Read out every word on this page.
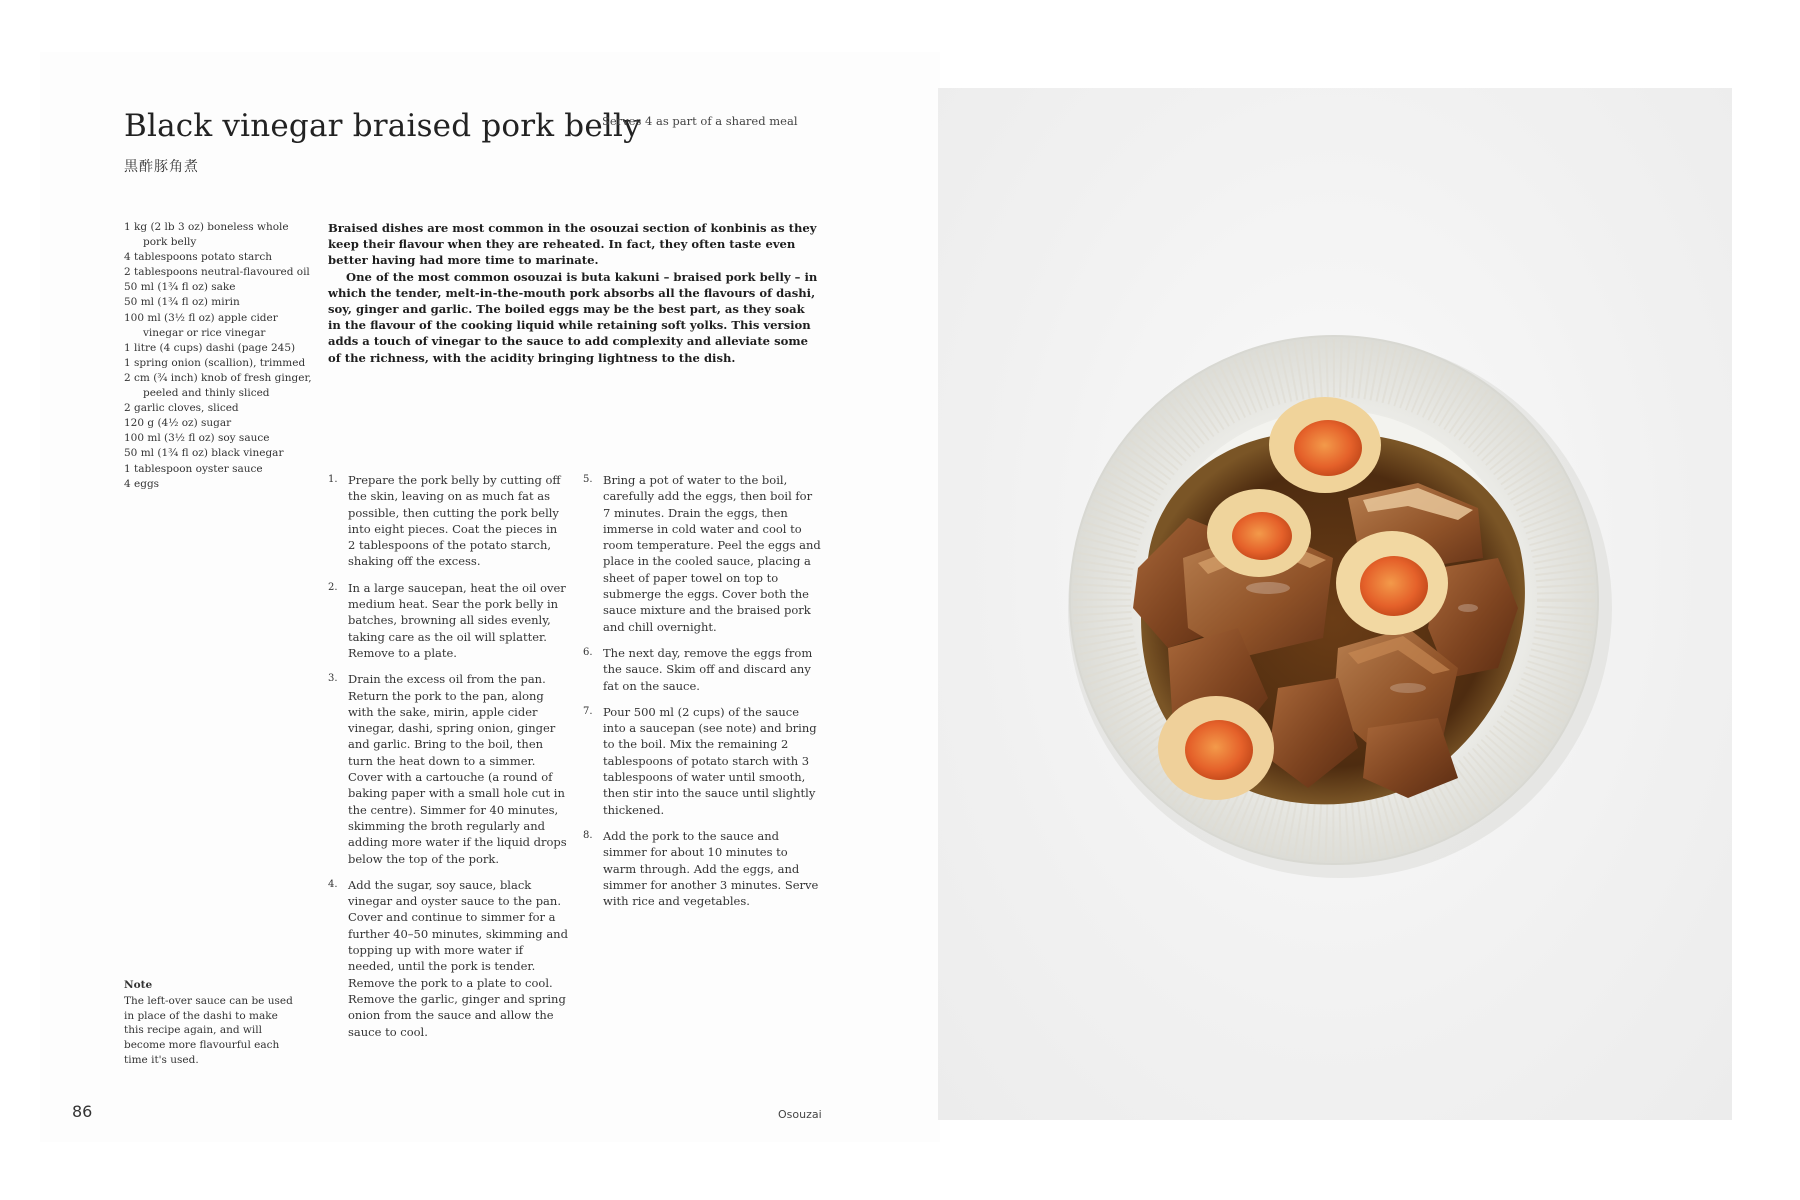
Black vinegar braised pork belly
Serves 4 as part of a shared meal
黒酢豚角煮
1 kg (2 lb 3 oz) boneless whole pork belly
4 tablespoons potato starch
2 tablespoons neutral-flavoured oil
50 ml (1¾ fl oz) sake
50 ml (1¾ fl oz) mirin
100 ml (3½ fl oz) apple cider vinegar or rice vinegar
1 litre (4 cups) dashi (page 245)
1 spring onion (scallion), trimmed
2 cm (¾ inch) knob of fresh ginger, peeled and thinly sliced
2 garlic cloves, sliced
120 g (4½ oz) sugar
100 ml (3½ fl oz) soy sauce
50 ml (1¾ fl oz) black vinegar
1 tablespoon oyster sauce
4 eggs

Braised dishes are most common in the osouzai section of konbinis as they keep their flavour when they are reheated. In fact, they often taste even better having had more time to marinate.

One of the most common osouzai is buta kakuni – braised pork belly – in which the tender, melt-in-the-mouth pork absorbs all the flavours of dashi, soy, ginger and garlic. The boiled eggs may be the best part, as they soak in the flavour of the cooking liquid while retaining soft yolks. This version adds a touch of vinegar to the sauce to add complexity and alleviate some of the richness, with the acidity bringing lightness to the dish.

1. Prepare the pork belly by cutting off the skin, leaving on as much fat as possible, then cutting the pork belly into eight pieces. Coat the pieces in 2 tablespoons of the potato starch, shaking off the excess.
2. In a large saucepan, heat the oil over medium heat. Sear the pork belly in batches, browning all sides evenly, taking care as the oil will splatter. Remove to a plate.
3. Drain the excess oil from the pan. Return the pork to the pan, along with the sake, mirin, apple cider vinegar, dashi, spring onion, ginger and garlic. Bring to the boil, then turn the heat down to a simmer. Cover with a cartouche (a round of baking paper with a small hole cut in the centre). Simmer for 40 minutes, skimming the broth regularly and adding more water if the liquid drops below the top of the pork.
4. Add the sugar, soy sauce, black vinegar and oyster sauce to the pan. Cover and continue to simmer for a further 40–50 minutes, skimming and topping up with more water if needed, until the pork is tender. Remove the pork to a plate to cool. Remove the garlic, ginger and spring onion from the sauce and allow the sauce to cool.
5. Bring a pot of water to the boil, carefully add the eggs, then boil for 7 minutes. Drain the eggs, then immerse in cold water and cool to room temperature. Peel the eggs and place in the cooled sauce, placing a sheet of paper towel on top to submerge the eggs. Cover both the sauce mixture and the braised pork and chill overnight.
6. The next day, remove the eggs from the sauce. Skim off and discard any fat on the sauce.
7. Pour 500 ml (2 cups) of the sauce into a saucepan (see note) and bring to the boil. Mix the remaining 2 tablespoons of potato starch with 3 tablespoons of water until smooth, then stir into the sauce until slightly thickened.
8. Add the pork to the sauce and simmer for about 10 minutes to warm through. Add the eggs, and simmer for another 3 minutes. Serve with rice and vegetables.
Note
The left-over sauce can be used in place of the dashi to make this recipe again, and will become more flavourful each time it's used.
86	Osouzai
